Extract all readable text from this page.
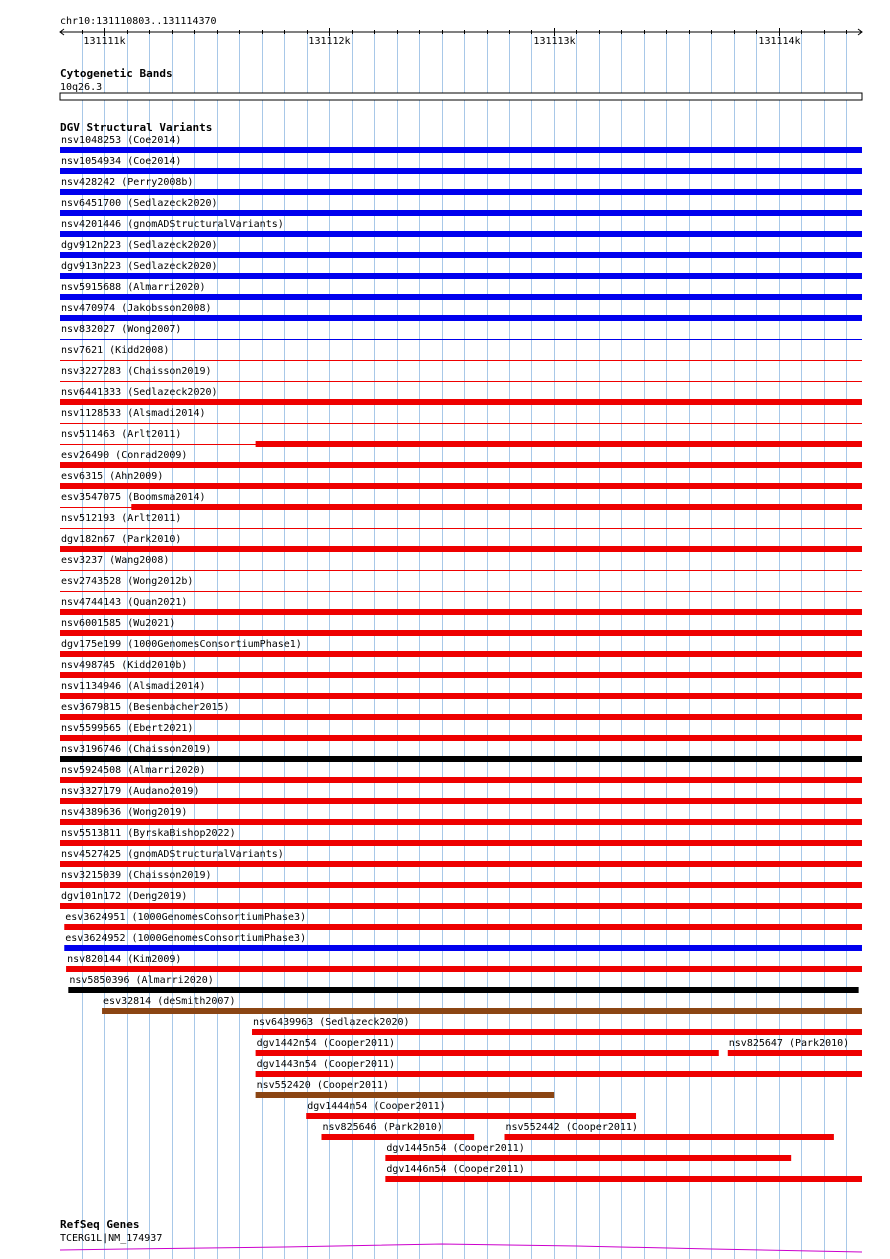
chr10:131110803..131114370
131111k	131112k	131113k	131114k
Cytogenetic Bands
10q26.3
DGV Structural Variants
nsv1048253 (Coe2014)
nsv1054934 (Coe2014)
nsv428242 (Perry2008b)
nsv6451700 (Sedlazeck2020)
nsv4201446 (gnomADStructuralVariants)
dgv912n223 (Sedlazeck2020)
dgv913n223 (Sedlazeck2020)
nsv5915688 (Almarri2020)
nsv470974 (Jakobsson2008)
nsv832027 (Wong2007)
nsv7621 (Kidd2008)
nsv3227283 (Chaisson2019)
nsv6441333 (Sedlazeck2020)
nsv1128533 (Alsmadi2014)
nsv511463 (Arlt2011)
esv26490 (Conrad2009)
esv6315 (Ahn2009)
esv3547075 (Boomsma2014)
nsv512193 (Arlt2011)
dgv182n67 (Park2010)
esv3237 (Wang2008)
esv2743528 (Wong2012b)
nsv4744143 (Quan2021)
nsv6001585 (Wu2021)
dgv175e199 (1000GenomesConsortiumPhase1)
nsv498745 (Kidd2010b)
nsv1134946 (Alsmadi2014)
esv3679815 (Besenbacher2015)
nsv5599565 (Ebert2021)
nsv3196746 (Chaisson2019)
nsv5924508 (Almarri2020)
nsv3327179 (Audano2019)
nsv4389636 (Wong2019)
nsv5513811 (ByrskaBishop2022)
nsv4527425 (gnomADStructuralVariants)
nsv3215039 (Chaisson2019)
dgv101n172 (Deng2019)
esv3624951 (1000GenomesConsortiumPhase3)
esv3624952 (1000GenomesConsortiumPhase3)
nsv820144 (Kim2009)
nsv5850396 (Almarri2020)
esv32814 (deSmith2007)
nsv6439963 (Sedlazeck2020)
dgv1442n54 (Cooper2011)	nsv825647 (Park2010)
dgv1443n54 (Cooper2011)
nsv552420 (Cooper2011)
dgv1444n54 (Cooper2011)
nsv825646 (Park2010)	nsv552442 (Cooper2011)
dgv1445n54 (Cooper2011)
dgv1446n54 (Cooper2011)
RefSeq Genes
TCERG1L|NM_174937
